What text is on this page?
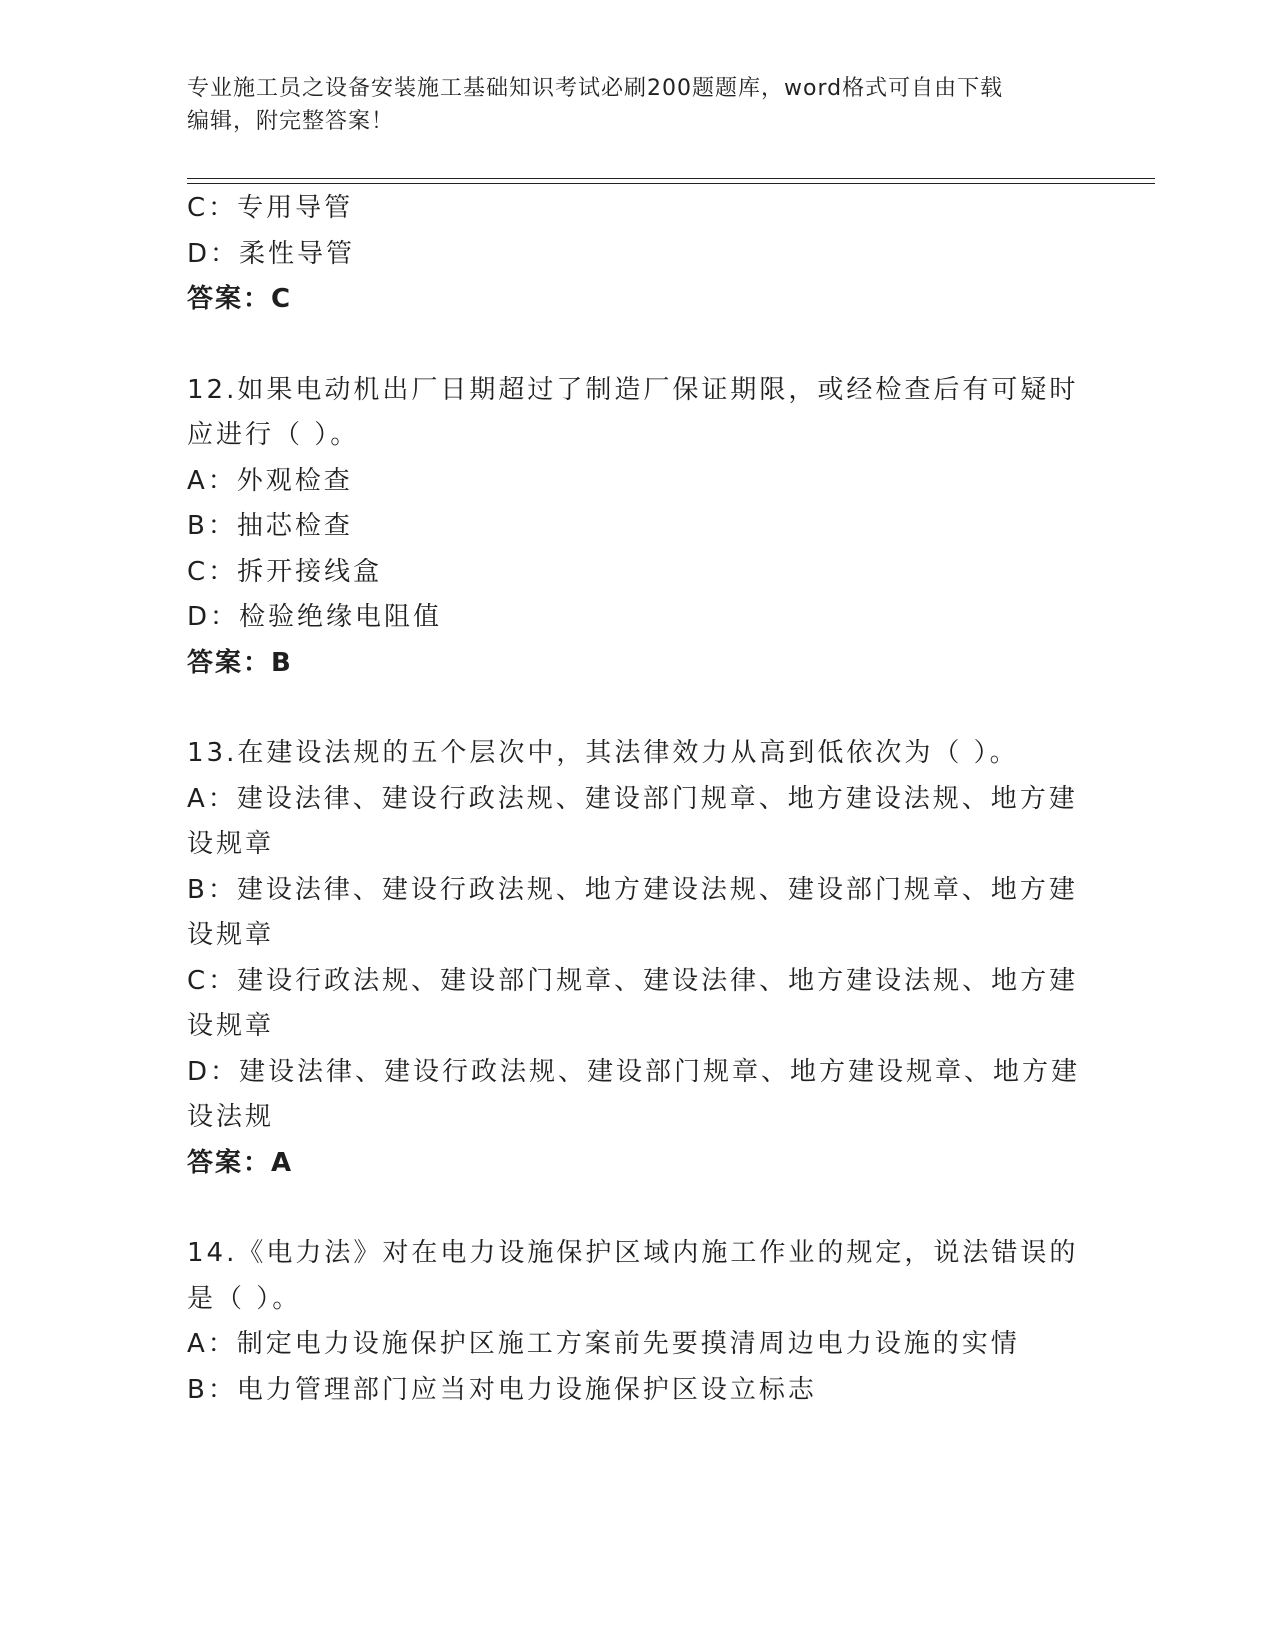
专业施工员之设备安装施工基础知识考试必刷200题题库，word格式可自由下载
编辑，附完整答案！

C：专用导管

D：柔性导管

答案：C

12.如果电动机出厂日期超过了制造厂保证期限，或经检查后有可疑时

应进行（ ）。

A：外观检查

B：抽芯检查

C：拆开接线盒

D：检验绝缘电阻值

答案：B

13.在建设法规的五个层次中，其法律效力从高到低依次为（ ）。

A：建设法律、建设行政法规、建设部门规章、地方建设法规、地方建

设规章

B：建设法律、建设行政法规、地方建设法规、建设部门规章、地方建

设规章

C：建设行政法规、建设部门规章、建设法律、地方建设法规、地方建

设规章

D：建设法律、建设行政法规、建设部门规章、地方建设规章、地方建

设法规

答案：A

14.《电力法》对在电力设施保护区域内施工作业的规定，说法错误的

是（ ）。

A：制定电力设施保护区施工方案前先要摸清周边电力设施的实情

B：电力管理部门应当对电力设施保护区设立标志
